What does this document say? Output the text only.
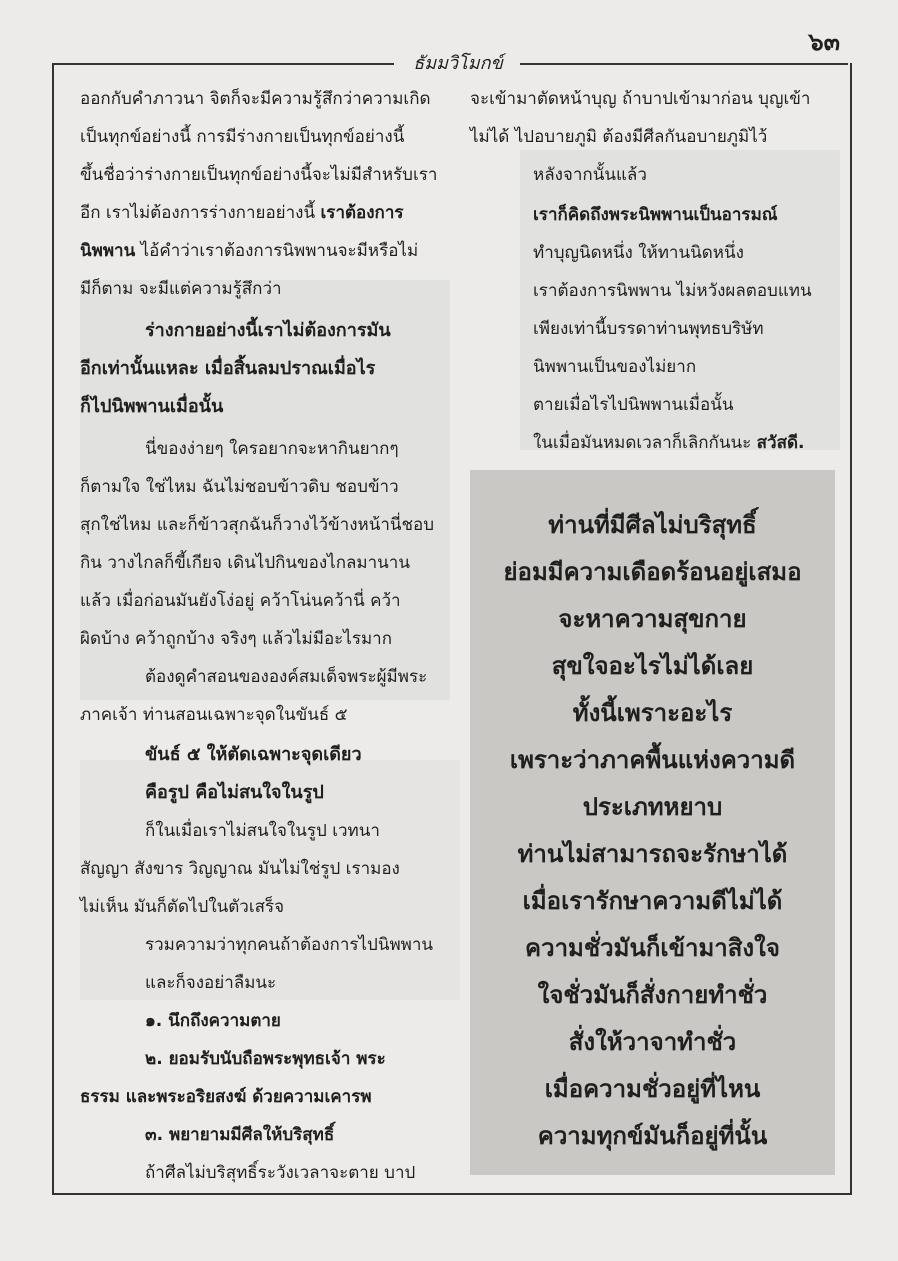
๖๓
ธัมมวิโมกข์
ออกกับคำภาวนา จิตก็จะมีความรู้สึกว่าความเกิด
เป็นทุกข์อย่างนี้ การมีร่างกายเป็นทุกข์อย่างนี้
ขึ้นชื่อว่าร่างกายเป็นทุกข์อย่างนี้จะไม่มีสำหรับเรา
อีก เราไม่ต้องการร่างกายอย่างนี้ เราต้องการ
นิพพาน ไอ้คำว่าเราต้องการนิพพานจะมีหรือไม่
มีก็ตาม จะมีแต่ความรู้สึกว่า
ร่างกายอย่างนี้เราไม่ต้องการมัน
อีกเท่านั้นแหละ เมื่อสิ้นลมปราณเมื่อไร
ก็ไปนิพพานเมื่อนั้น
นี่ของง่ายๆ ใครอยากจะหากินยากๆ
ก็ตามใจ ใช่ไหม ฉันไม่ชอบข้าวดิบ ชอบข้าว
สุกใช่ไหม และก็ข้าวสุกฉันก็วางไว้ข้างหน้านี่ชอบ
กิน วางไกลก็ขี้เกียจ เดินไปกินของไกลมานาน
แล้ว เมื่อก่อนมันยังโง่อยู่ คว้าโน่นคว้านี่ คว้า
ผิดบ้าง คว้าถูกบ้าง จริงๆ แล้วไม่มีอะไรมาก
ต้องดูคำสอนขององค์สมเด็จพระผู้มีพระ
ภาคเจ้า ท่านสอนเฉพาะจุดในขันธ์ ๕
ขันธ์ ๕ ให้ตัดเฉพาะจุดเดียว
คือรูป คือไม่สนใจในรูป
ก็ในเมื่อเราไม่สนใจในรูป เวทนา
สัญญา สังขาร วิญญาณ มันไม่ใช่รูป เรามอง
ไม่เห็น มันก็ตัดไปในตัวเสร็จ
รวมความว่าทุกคนถ้าต้องการไปนิพพาน
และก็จงอย่าลืมนะ
๑. นึกถึงความตาย
๒. ยอมรับนับถือพระพุทธเจ้า พระ
ธรรม และพระอริยสงฆ์ ด้วยความเคารพ
๓. พยายามมีศีลให้บริสุทธิ์
ถ้าศีลไม่บริสุทธิ์ระวังเวลาจะตาย บาป
จะเข้ามาตัดหน้าบุญ ถ้าบาปเข้ามาก่อน บุญเข้า
ไม่ได้ ไปอบายภูมิ ต้องมีศีลกันอบายภูมิไว้
หลังจากนั้นแล้ว
เราก็คิดถึงพระนิพพานเป็นอารมณ์
ทำบุญนิดหนึ่ง ให้ทานนิดหนึ่ง
เราต้องการนิพพาน ไม่หวังผลตอบแทน
เพียงเท่านี้บรรดาท่านพุทธบริษัท
นิพพานเป็นของไม่ยาก
ตายเมื่อไรไปนิพพานเมื่อนั้น
ในเมื่อมันหมดเวลาก็เลิกกันนะ สวัสดี.
ท่านที่มีศีลไม่บริสุทธิ์
ย่อมมีความเดือดร้อนอยู่เสมอ
จะหาความสุขกาย
สุขใจอะไรไม่ได้เลย
ทั้งนี้เพราะอะไร
เพราะว่าภาคพื้นแห่งความดี
ประเภทหยาบ
ท่านไม่สามารถจะรักษาได้
เมื่อเรารักษาความดีไม่ได้
ความชั่วมันก็เข้ามาสิงใจ
ใจชั่วมันก็สั่งกายทำชั่ว
สั่งให้วาจาทำชั่ว
เมื่อความชั่วอยู่ที่ไหน
ความทุกข์มันก็อยู่ที่นั้น
